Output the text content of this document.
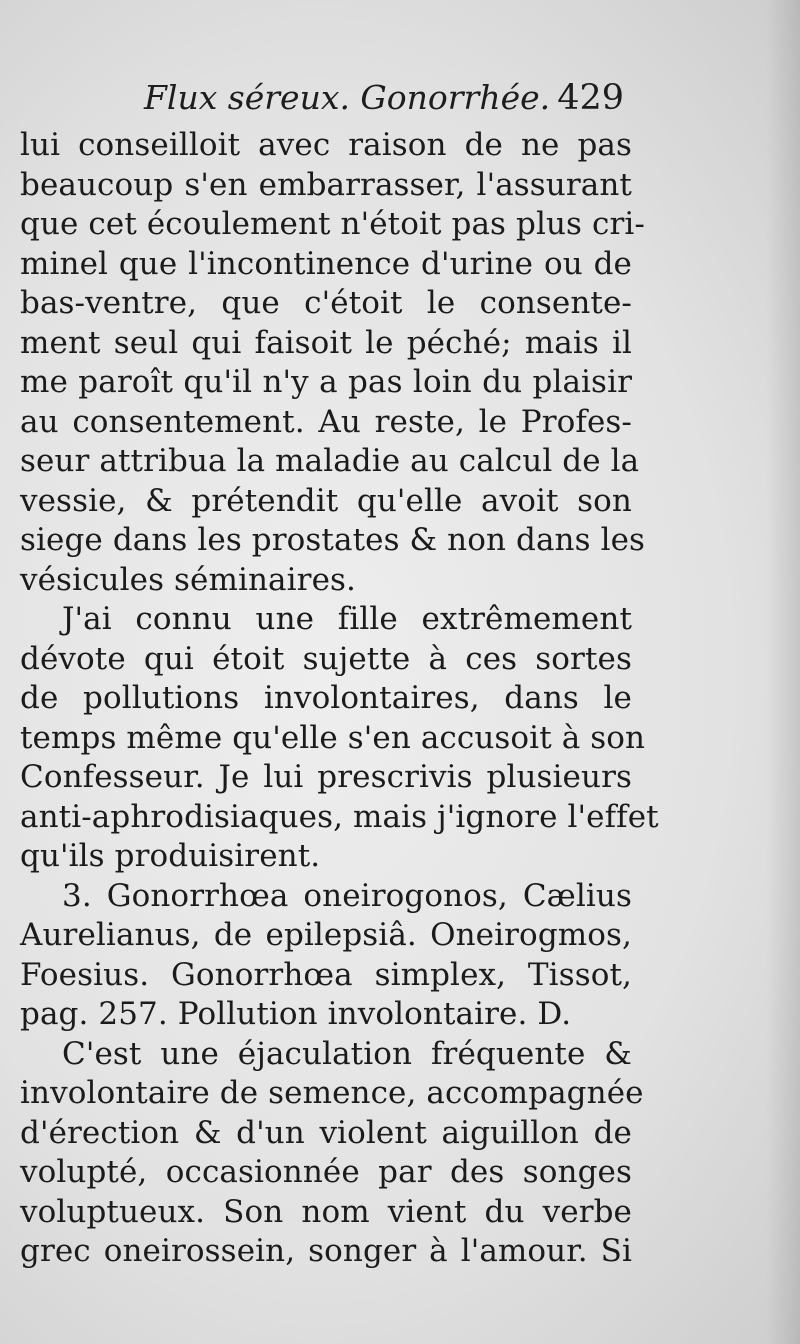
Flux séreux. Gonorrhée. 429
lui conseilloit avec raison de ne pas
beaucoup s'en embarrasser, l'assurant
que cet écoulement n'étoit pas plus cri-
minel que l'incontinence d'urine ou de
bas-ventre, que c'étoit le consente-
ment seul qui faisoit le péché; mais il
me paroît qu'il n'y a pas loin du plaisir
au consentement. Au reste, le Profes-
seur attribua la maladie au calcul de la
vessie, & prétendit qu'elle avoit son
siege dans les prostates & non dans les
vésicules séminaires.
J'ai connu une fille extrêmement
dévote qui étoit sujette à ces sortes
de pollutions involontaires, dans le
temps même qu'elle s'en accusoit à son
Confesseur. Je lui prescrivis plusieurs
anti-aphrodisiaques, mais j'ignore l'effet
qu'ils produisirent.
3. Gonorrhœa oneirogonos, Cælius
Aurelianus, de epilepsiâ. Oneirogmos,
Foesius. Gonorrhœa simplex, Tissot,
pag. 257. Pollution involontaire. D.
C'est une éjaculation fréquente &
involontaire de semence, accompagnée
d'érection & d'un violent aiguillon de
volupté, occasionnée par des songes
voluptueux. Son nom vient du verbe
grec oneirossein, songer à l'amour. Si
